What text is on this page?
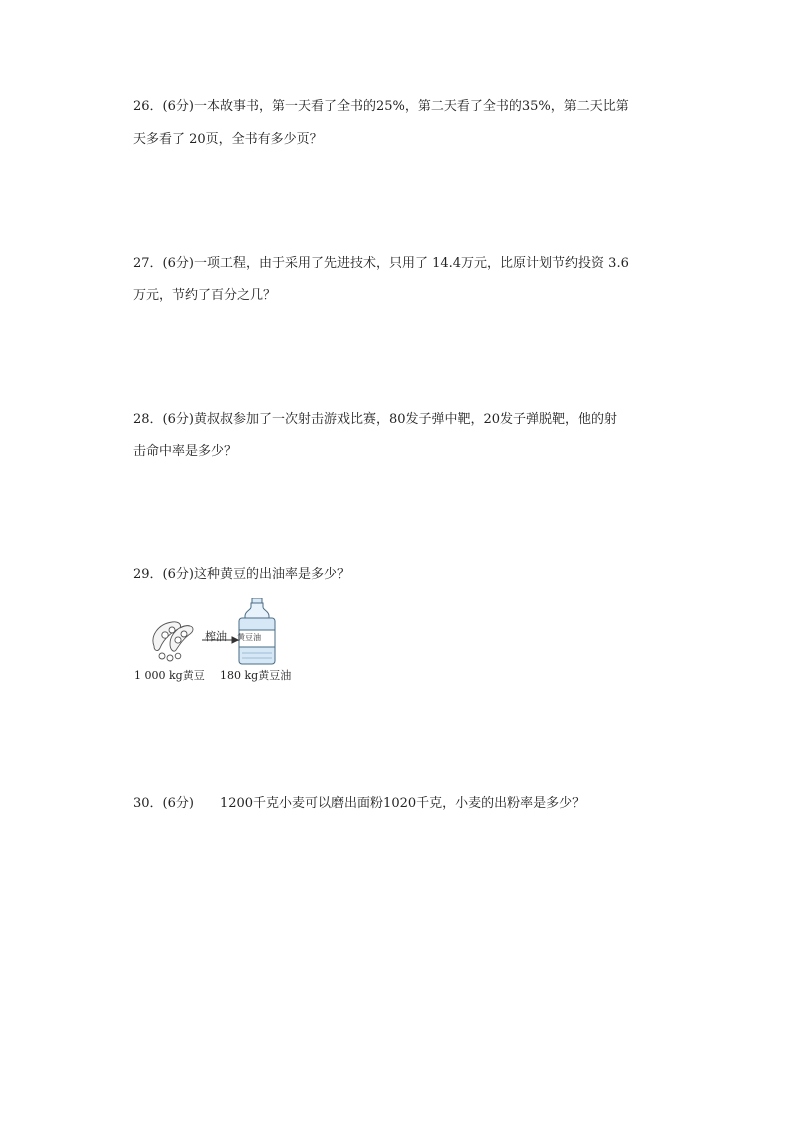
26．(6分)一本故事书，第一天看了全书的25%，第二天看了全书的35%，第二天比第
天多看了 20页，全书有多少页？
27．(6分)一项工程，由于采用了先进技术，只用了 14.4万元，比原计划节约投资 3.6
万元，节约了百分之几？
28．(6分)黄叔叔参加了一次射击游戏比赛，80发子弹中靶，20发子弹脱靶，他的射
击命中率是多少？
29．(6分)这种黄豆的出油率是多少？
榨油 黄豆油
1 000 kg黄豆 180 kg黄豆油
30．(6分) 1200千克小麦可以磨出面粉1020千克，小麦的出粉率是多少？
